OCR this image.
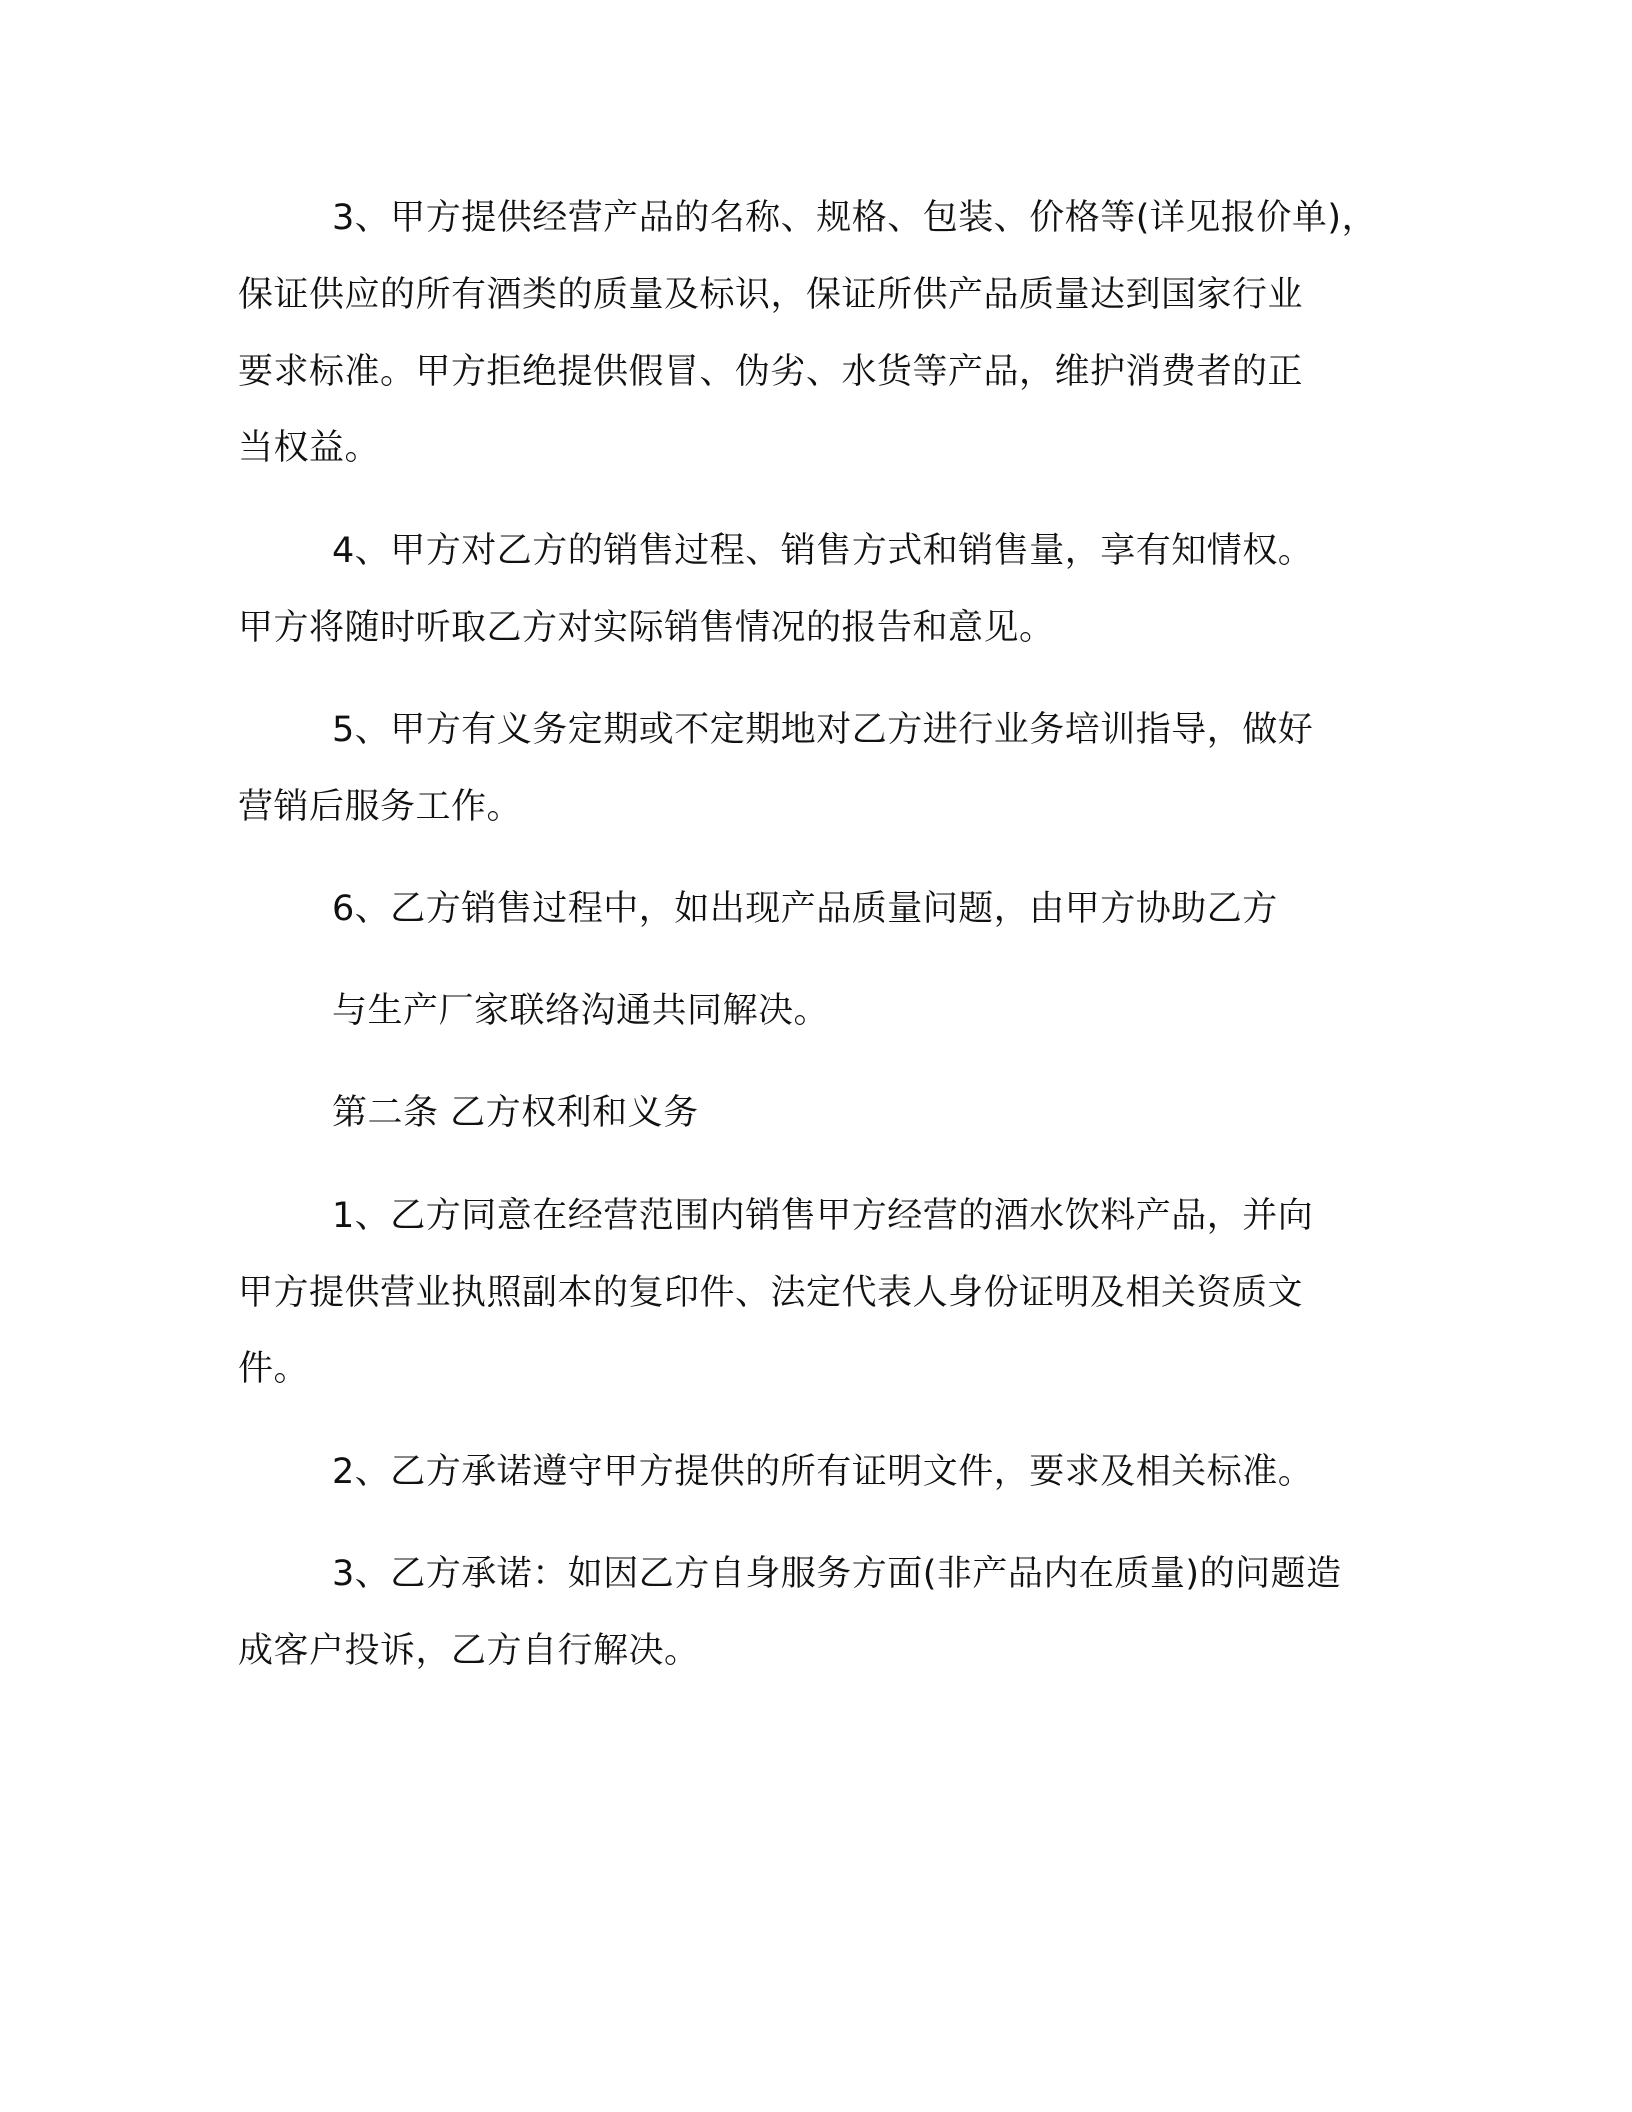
3、甲方提供经营产品的名称、规格、包装、价格等(详见报价单)，
保证供应的所有酒类的质量及标识，保证所供产品质量达到国家行业
要求标准。甲方拒绝提供假冒、伪劣、水货等产品，维护消费者的正
当权益。
4、甲方对乙方的销售过程、销售方式和销售量，享有知情权。
甲方将随时听取乙方对实际销售情况的报告和意见。
5、甲方有义务定期或不定期地对乙方进行业务培训指导，做好
营销后服务工作。
6、乙方销售过程中，如出现产品质量问题，由甲方协助乙方
与生产厂家联络沟通共同解决。
第二条 乙方权利和义务
1、乙方同意在经营范围内销售甲方经营的酒水饮料产品，并向
甲方提供营业执照副本的复印件、法定代表人身份证明及相关资质文
件。
2、乙方承诺遵守甲方提供的所有证明文件，要求及相关标准。
3、乙方承诺：如因乙方自身服务方面(非产品内在质量)的问题造
成客户投诉，乙方自行解决。
